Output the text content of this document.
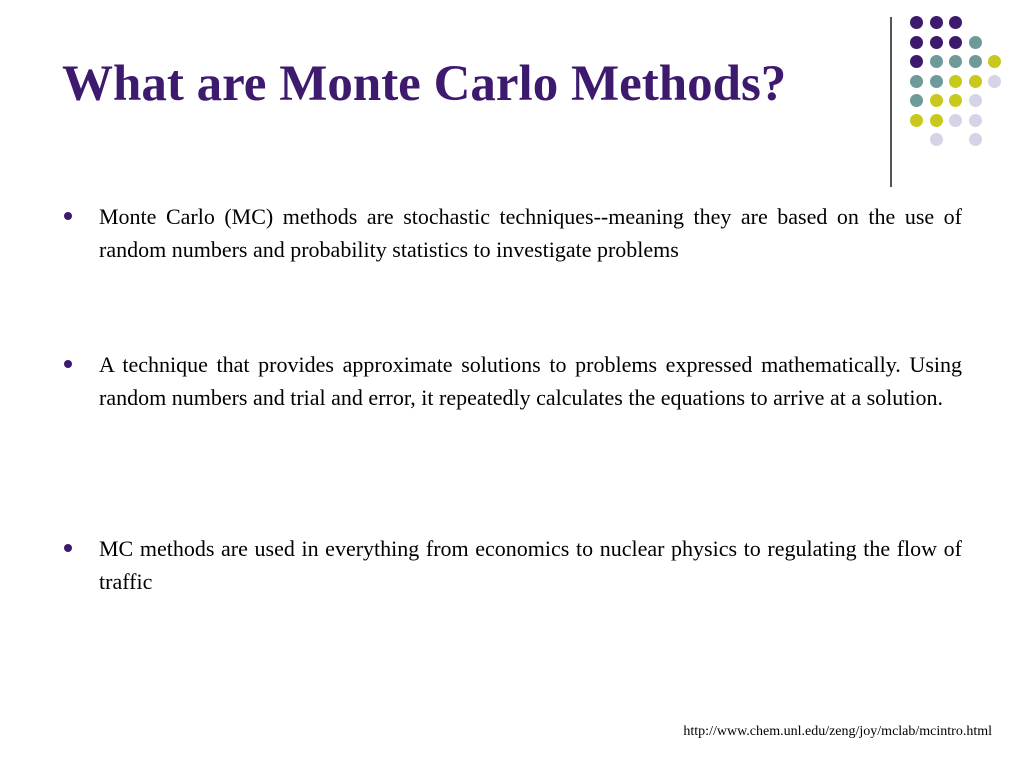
What are Monte Carlo Methods?
Monte Carlo (MC) methods are stochastic techniques--meaning they are based on the use of random numbers and probability statistics to investigate problems
A technique that provides approximate solutions to problems expressed mathematically. Using random numbers and trial and error, it repeatedly calculates the equations to arrive at a solution.
MC methods are used in everything from economics to nuclear physics to regulating the flow of traffic
http://www.chem.unl.edu/zeng/joy/mclab/mcintro.html
